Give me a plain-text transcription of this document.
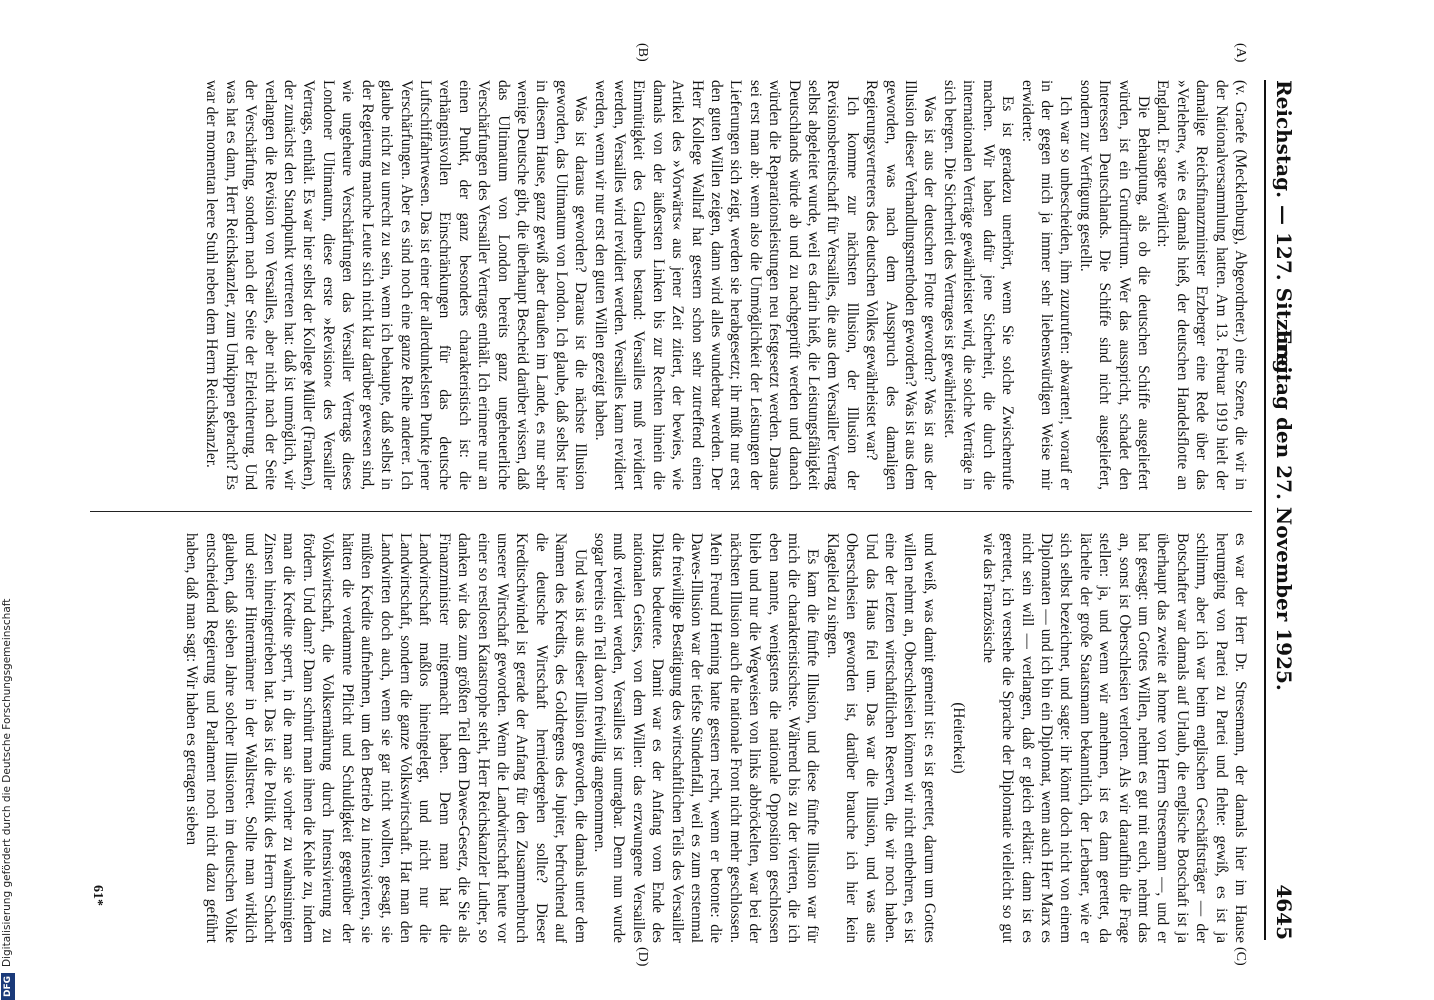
Reichstag. — 127. Sitzung.
Freitag den 27. November 1925.
4645
(A)
(B)
(C)
(D)

(v. Graefe (Mecklenburg), Abgeordneter.) eine Szene, die wir in der Nationalversammlung hatten. Am 13. Februar 1919 hielt der damalige Reichsfinanzminister Erzberger eine Rede über das »Verlehen«, wie es damals hieß, der deutschen Handelsflotte an England. Er sagte wörtlich:

Die Behauptung, als ob die deutschen Schiffe ausgeliefert würden, ist ein Grundirrtum. Wer das ausspricht, schadet den Interessen Deutschlands. Die Schiffe sind nicht ausgeliefert, sondern zur Verfügung gestellt.

Ich war so unbescheiden, ihm zuzurufen: abwarten!, worauf er in der gegen mich ja immer sehr liebenswürdigen Weise mir erwiderte:

Es ist geradezu unerhört, wenn Sie solche Zwischenrufe machen. Wir haben dafür jene Sicherheit, die durch die internationalen Verträge gewährleistet wird, die solche Verträge in sich bergen. Die Sicherheit des Vertrages ist gewährleistet.

Was ist aus der deutschen Flotte geworden? Was ist aus der Illusion dieser Verhandlungsmethoden geworden? Was ist aus dem geworden, was nach dem Ausspruch des damaligen Regierungsvertreters des deutschen Volkes gewährleistet war?

Ich komme zur nächsten Illusion, der Illusion der Revisionsbereitschaft für Versailles, die aus dem Versailler Vertrag selbst abgeleitet wurde, weil es darin hieß, die Leistungsfähigkeit Deutschlands würde ab und zu nachgeprüft werden und danach würden die Reparationsleistungen neu festgesetzt werden. Daraus sei erst man ab: wenn also die Unmöglichkeit der Leistungen der Lieferungen sich zeigt, werden sie herabgesetzt; ihr müßt nur erst den guten Willen zeigen, dann wird alles wunderbar werden. Der Herr Kollege Wallraf hat gestern schon sehr zutreffend einen Artikel des »Vorwärts« aus jener Zeit zitiert, der bewies, wie damals von der äußersten Linken bis zur Rechten hinein die Einmütigkeit des Glaubens bestand: Versailles muß revidiert werden, Versailles wird revidiert werden. Versailles kann revidiert werden, wenn wir nur erst den guten Willen gezeigt haben.

Was ist daraus geworden? Daraus ist die nächste Illusion geworden, das Ultimatum von London. Ich glaube, daß selbst hier in diesem Hause, ganz gewiß aber draußen im Lande, es nur sehr wenige Deutsche gibt, die überhaupt Bescheid darüber wissen, daß das Ultimatum von London bereits ganz ungeheuerliche Verschärfungen des Versailler Vertrags enthält. Ich erinnere nur an einen Punkt, der ganz besonders charakteristisch ist: die verhängnisvollen Einschränkungen für das deutsche Luftschiffahrtwesen. Das ist einer der allerdunkelsten Punkte jener Verschärfungen. Aber es sind noch eine ganze Reihe anderer. Ich glaube nicht zu unrecht zu sein, wenn ich behaupte, daß selbst in der Regierung manche Leute sich nicht klar darüber gewesen sind, wie ungeheure Verschärfungen das Versailler Vertrags dieses Londoner Ultimatum, diese erste »Revision« des Versailler Vertrags, enthält. Es war hier selbst der Kollege Müller (Franken), der zunächst den Standpunkt vertreten hat: daß ist unmöglich, wir verlangen die Revision von Versailles, aber nicht nach der Seite der Verschärfung, sondern nach der Seite der Erleichterung. Und was hat es dann, Herr Reichskanzler, zum Umkippen gebracht? Es war der momentan leere Stuhl neben dem Herrn Reichskanzler.

es war der Herr Dr. Stresemann, der damals hier im Hause herumging von Partei zu Partei und flehte: gewiß, es ist ja schlimm, aber ich war beim englischen Geschäftsträger — der Botschafter war damals auf Urlaub, die englische Botschaft ist ja überhaupt das zweite at home von Herrn Stresemann —, und er hat gesagt: um Gottes Willen, nehmt es gut mit euch, nehmt das an, sonst ist Oberschlesien verloren. Als wir daraufhin die Frage stellen: ja, und wenn wir annehmen, ist es dann gerettet, da lächelte der große Staatsmann bekanntlich, der Lerbaner, wie er sich selbst bezeichnet, und sagte: ihr könnt doch nicht von einem Diplomaten — und ich bin ein Diplomat, wenn auch Herr Marx es nicht sein will — verlangen, daß er gleich erklärt: dann ist es gerettet, ich verstehe die Sprache der Diplomatie vielleicht so gut wie das Französische

(Heiterkeit)

und weiß, was damit gemeint ist: es ist gerettet, darum um Gottes willen nehmt an, Oberschlesien können wir nicht entbehren, es ist eine der letzten wirtschaftlichen Reserven, die wir noch haben. Und das Haus fiel um. Das war die Illusion, und was aus Oberschlesien geworden ist, darüber brauche ich hier kein Klagelied zu singen.

Es kam die fünfte Illusion, und diese fünfte Illusion war für mich die charakteristischste. Während bis zu der vierten, die ich eben nannte, wenigstens die nationale Opposition geschlossen blieb und nur die Wegweisen von links abbröckelten, war bei der nächsten Illusion auch die nationale Front nicht mehr geschlossen. Mein Freund Henning hatte gestern recht, wenn er betonte: die Dawes-Illusion war der tiefste Sündenfall, weil es zum erstenmal die freiwillige Bestätigung des wirtschaftlichen Teils des Versailler Diktats bedeutete. Damit war es der Anfang vom Ende des nationalen Geistes, von dem Willen: das erzwungene Versailles muß revidiert werden, Versailles ist untragbar. Denn nun wurde sogar bereits ein Teil davon freiwillig angenommen.

Und was ist aus dieser Illusion geworden, die damals unter dem Namen des Kredits, des Goldregens des Jupiter, befruchtend auf die deutsche Wirtschaft herniedergehen sollte? Dieser Kreditschwindel ist gerade der Anfang für den Zusammenbruch unserer Wirtschaft geworden. Wenn die Landwirtschaft heute vor einer so restlosen Katastrophe steht, Herr Reichskanzler Luther, so danken wir das zum größten Teil dem Dawes-Gesetz, die Sie als Finanzminister mitgemacht haben. Denn man hat die Landwirtschaft maßlos hineingelegt, und nicht nur die Landwirtschaft, sondern die ganze Volkswirtschaft. Hat man den Landwirten doch auch, wenn sie gar nicht wollten, gesagt, sie müßten Kredite aufnehmen, um den Betrieb zu intensivieren, sie hätten die verdammte Pflicht und Schuldigkeit gegenüber der Volkswirtschaft, die Volksernährung durch Intensivierung zu fördern. Und dann? Dann schnürt man ihnen die Kehle zu, indem man die Kredite sperrt, in die man sie vorher zu wahnsinnigen Zinsen hineingetrieben hat. Das ist die Politik des Herrn Schacht und seiner Hintermänner in der Wallstreet. Sollte man wirklich glauben, daß sieben Jahre solcher Illusionen im deutschen Volke entscheidend Regierung und Parlament noch nicht dazu geführt haben, daß man sagt: Wir haben es getragen sieben

61*
DFGDigitalisierung gefördert durch die Deutsche Forschungsgemeinschaft
